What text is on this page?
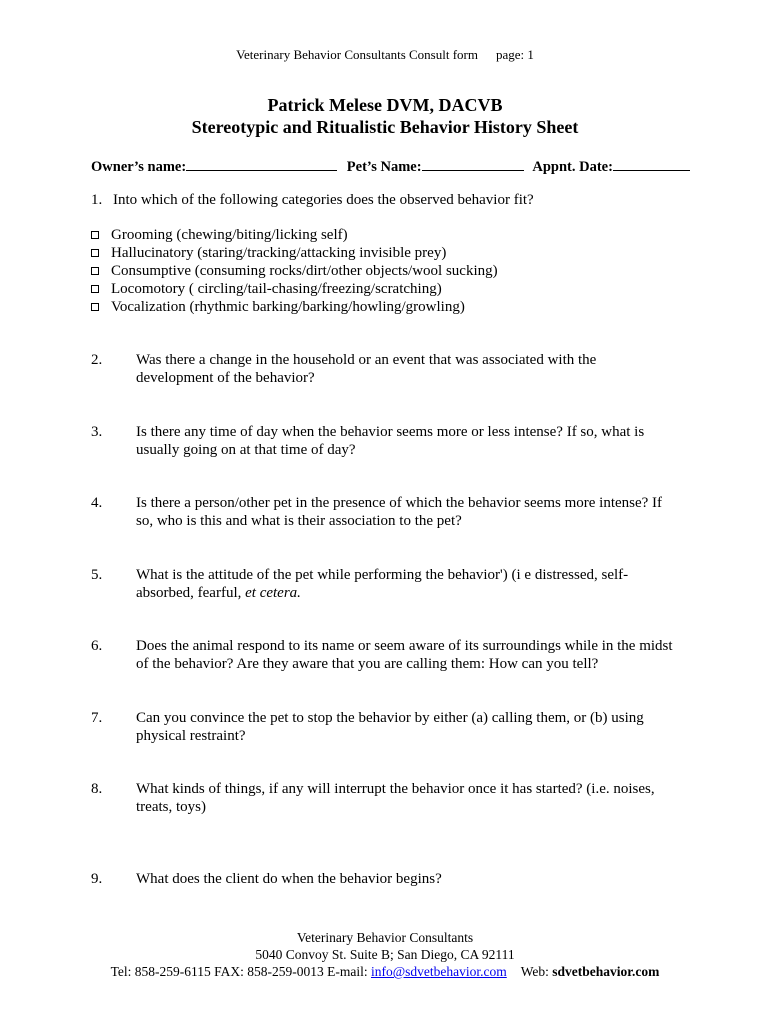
Veterinary Behavior Consultants Consult form page: 1
Patrick Melese DVM, DACVB
Stereotypic and Ritualistic Behavior History Sheet
Owner’s name:	Pet’s Name:	Appnt. Date:
1. Into which of the following categories does the observed behavior fit?
Grooming (chewing/biting/licking self)
Hallucinatory (staring/tracking/attacking invisible prey)
Consumptive (consuming rocks/dirt/other objects/wool sucking)
Locomotory ( circling/tail-chasing/freezing/scratching)
Vocalization (rhythmic barking/barking/howling/growling)
2. Was there a change in the household or an event that was associated with the
development of the behavior?
3. Is there any time of day when the behavior seems more or less intense? If so, what is
usually going on at that time of day?
4. Is there a person/other pet in the presence of which the behavior seems more intense? If
so, who is this and what is their association to the pet?
5. What is the attitude of the pet while performing the behavior') (i e distressed, self-
absorbed, fearful, et cetera.
6. Does the animal respond to its name or seem aware of its surroundings while in the midst
of the behavior? Are they aware that you are calling them: How can you tell?
7. Can you convince the pet to stop the behavior by either (a) calling them, or (b) using
physical restraint?
8. What kinds of things, if any will interrupt the behavior once it has started? (i.e. noises,
treats, toys)
9. What does the client do when the behavior begins?
Veterinary Behavior Consultants
5040 Convoy St. Suite B; San Diego, CA 92111
Tel: 858-259-6115 FAX: 858-259-0013 E-mail: info@sdvetbehavior.com Web: sdvetbehavior.com
